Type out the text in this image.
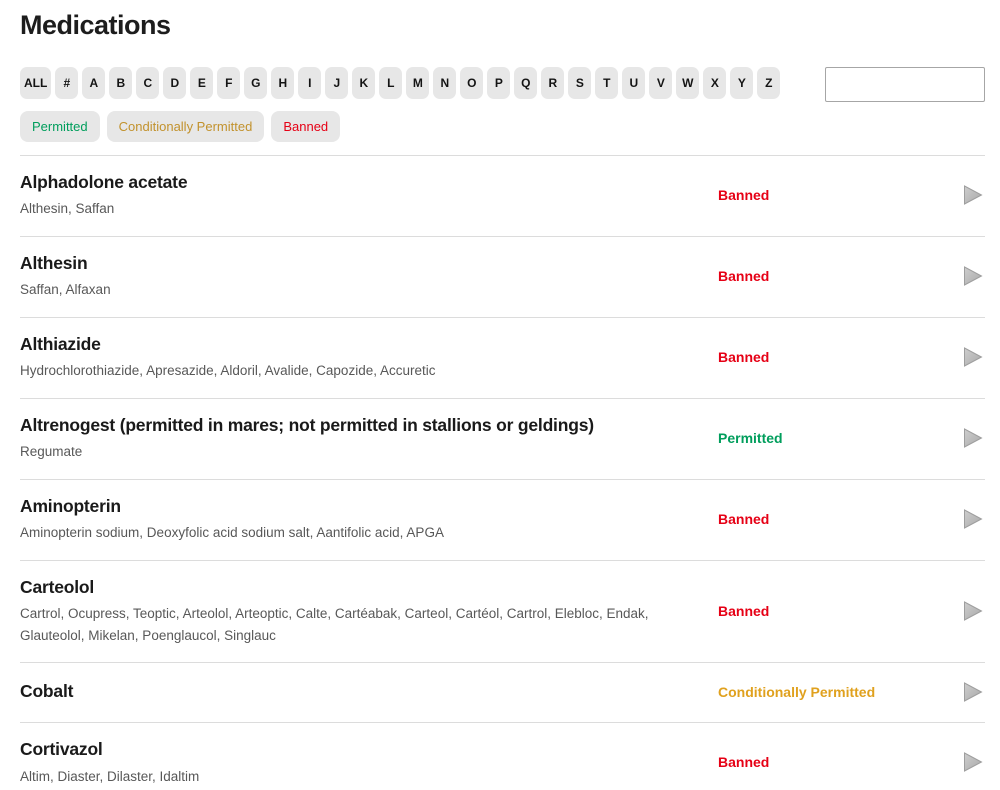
Medications
ALL	#	A	B	C	D	E	F	G	H	I	J	K	L	M	N	O	P	Q	R	S	T	U	V	W	X	Y	Z
Permitted	Conditionally Permitted	Banned
Alphadolone acetate
Althesin, Saffan
Banned
Althesin
Saffan, Alfaxan
Banned
Althiazide
Hydrochlorothiazide, Apresazide, Aldoril, Avalide, Capozide, Accuretic
Banned
Altrenogest (permitted in mares; not permitted in stallions or geldings)
Regumate
Permitted
Aminopterin
Aminopterin sodium, Deoxyfolic acid sodium salt, Aantifolic acid, APGA
Banned
Carteolol
Cartrol, Ocupress, Teoptic, Arteolol, Arteoptic, Calte, Cartéabak, Carteol, Cartéol, Cartrol, Elebloc, Endak, Glauteolol, Mikelan, Poenglaucol, Singlauc
Banned
Cobalt	Conditionally Permitted
Cortivazol
Altim, Diaster, Dilaster, Idaltim
Banned
